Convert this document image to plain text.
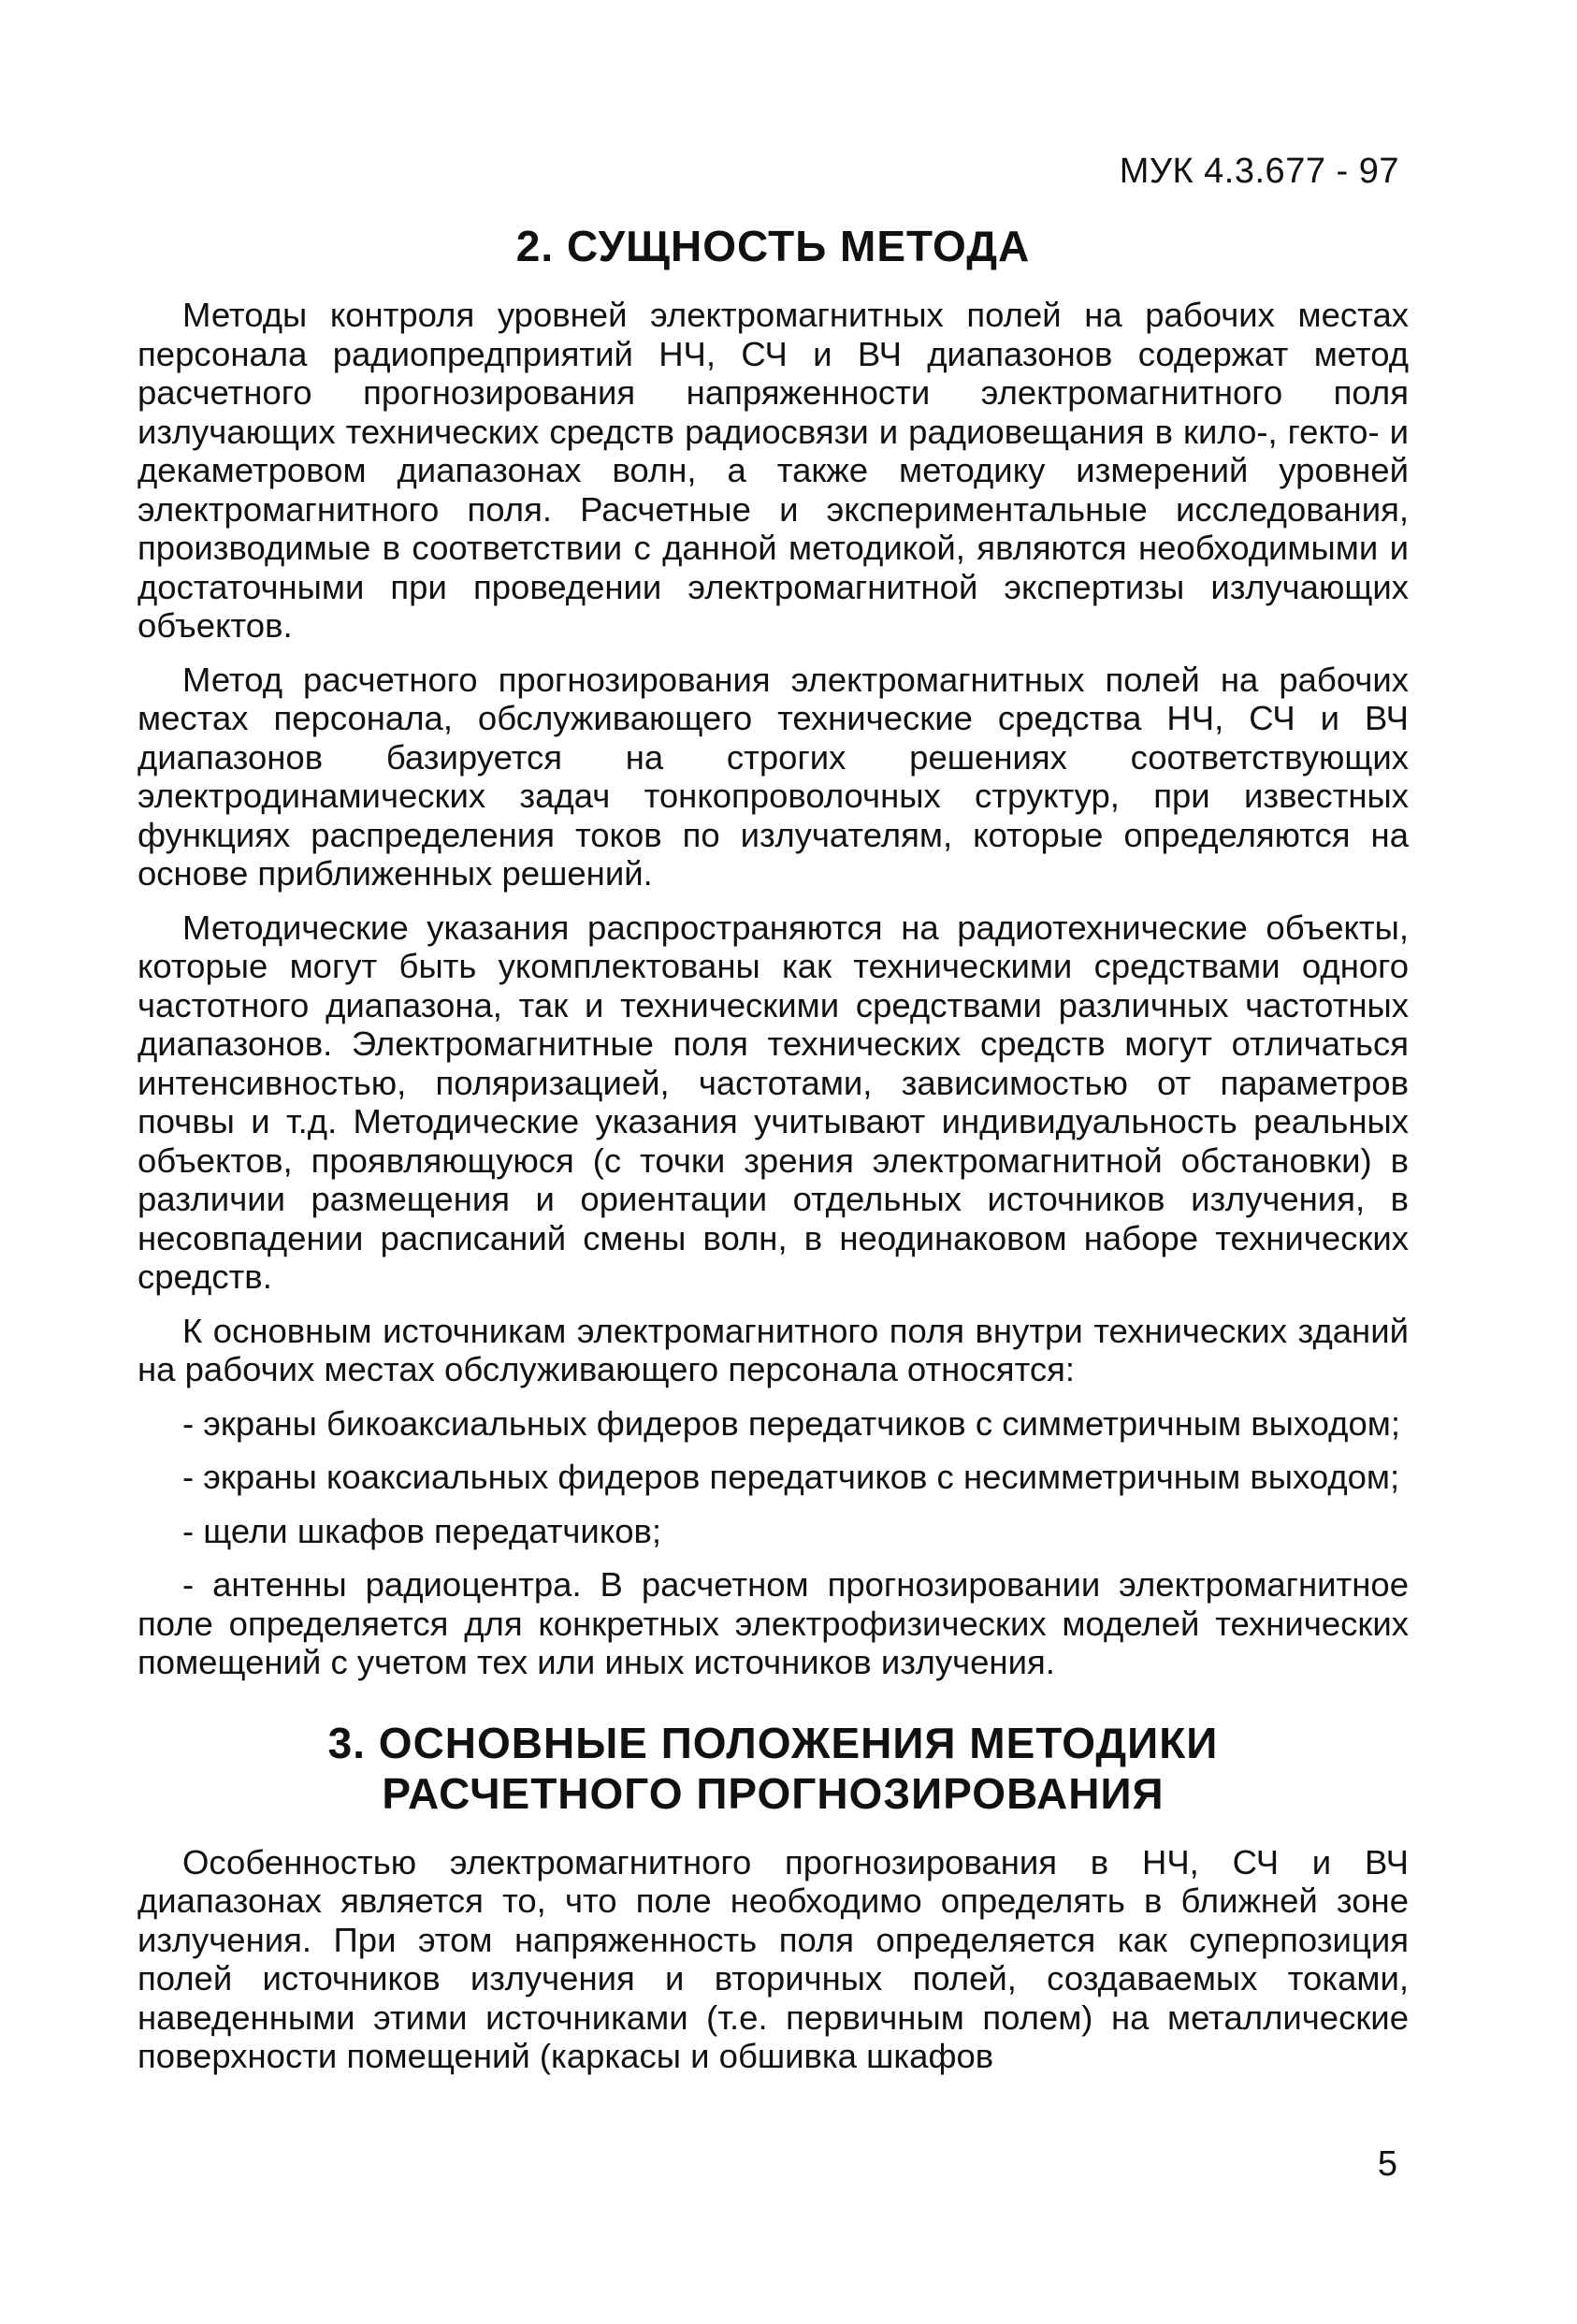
МУК 4.3.677 - 97
2. СУЩНОСТЬ МЕТОДА

Методы контроля уровней электромагнитных полей на рабочих местах персонала радиопредприятий НЧ, СЧ и ВЧ диапазонов содержат метод расчетного прогнозирования напряженности электромагнитного поля излучающих технических средств радиосвязи и радиовещания в кило-, гекто- и декаметровом диапазонах волн, а также методику измерений уровней электромагнитного поля. Расчетные и экспериментальные исследования, производимые в соответствии с данной методикой, являются необходимыми и достаточными при проведении электромагнитной экспертизы излучающих объектов.

Метод расчетного прогнозирования электромагнитных полей на рабочих местах персонала, обслуживающего технические средства НЧ, СЧ и ВЧ диапазонов базируется на строгих решениях соответствующих электродинамических задач тонкопроволочных структур, при известных функциях распределения токов по излучателям, которые определяются на основе приближенных решений.

Методические указания распространяются на радиотехнические объекты, которые могут быть укомплектованы как техническими средствами одного частотного диапазона, так и техническими средствами различных частотных диапазонов. Электромагнитные поля технических средств могут отличаться интенсивностью, поляризацией, частотами, зависимостью от параметров почвы и т.д. Методические указания учитывают индивидуальность реальных объектов, проявляющуюся (с точки зрения электромагнитной обстановки) в различии размещения и ориентации отдельных источников излучения, в несовпадении расписаний смены волн, в неодинаковом наборе технических средств.

К основным источникам электромагнитного поля внутри технических зданий на рабочих местах обслуживающего персонала относятся:

- экраны бикоаксиальных фидеров передатчиков с симметричным выходом;

- экраны коаксиальных фидеров передатчиков с несимметричным выходом;

- щели шкафов передатчиков;

- антенны радиоцентра. В расчетном прогнозировании электромагнитное поле определяется для конкретных электрофизических моделей технических помещений с учетом тех или иных источников излучения.

3. ОСНОВНЫЕ ПОЛОЖЕНИЯ МЕТОДИКИ
РАСЧЕТНОГО ПРОГНОЗИРОВАНИЯ

Особенностью электромагнитного прогнозирования в НЧ, СЧ и ВЧ диапазонах является то, что поле необходимо определять в ближней зоне излучения. При этом напряженность поля определяется как суперпозиция полей источников излучения и вторичных полей, создаваемых токами, наведенными этими источниками (т.е. первичным полем) на металлические поверхности помещений (каркасы и обшивка шкафов

5
